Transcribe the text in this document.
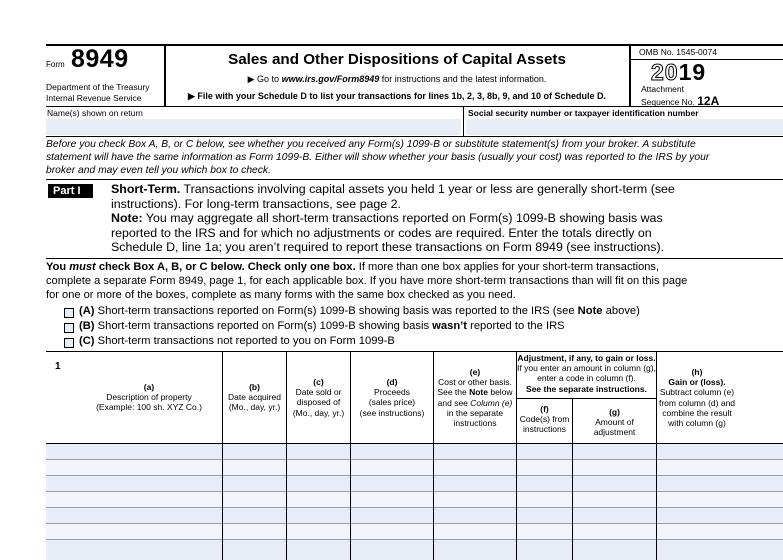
Form 8949
Department of the Treasury
Internal Revenue Service
Sales and Other Dispositions of Capital Assets
▶ Go to www.irs.gov/Form8949 for instructions and the latest information.
▶ File with your Schedule D to list your transactions for lines 1b, 2, 3, 8b, 9, and 10 of Schedule D.
OMB No. 1545-0074
2019
Attachment
Sequence No. 12A
Name(s) shown on return	Social security number or taxpayer identification number
Before you check Box A, B, or C below, see whether you received any Form(s) 1099-B or substitute statement(s) from your broker. A substitute
statement will have the same information as Form 1099-B. Either will show whether your basis (usually your cost) was reported to the IRS by your
broker and may even tell you which box to check.
Part I	Short-Term. Transactions involving capital assets you held 1 year or less are generally short-term (see
instructions). For long-term transactions, see page 2.
Note: You may aggregate all short-term transactions reported on Form(s) 1099-B showing basis was
reported to the IRS and for which no adjustments or codes are required. Enter the totals directly on
Schedule D, line 1a; you aren’t required to report these transactions on Form 8949 (see instructions).
You must check Box A, B, or C below. Check only one box. If more than one box applies for your short-term transactions,
complete a separate Form 8949, page 1, for each applicable box. If you have more short-term transactions than will fit on this page
for one or more of the boxes, complete as many forms with the same box checked as you need.
(A) Short-term transactions reported on Form(s) 1099-B showing basis was reported to the IRS (see Note above)
(B) Short-term transactions reported on Form(s) 1099-B showing basis wasn’t reported to the IRS
(C) Short-term transactions not reported to you on Form 1099-B
1
(a)
Description of property
(Example: 100 sh. XYZ Co.)
(b)
Date acquired
(Mo., day, yr.)
(c)
Date sold or
disposed of
(Mo., day, yr.)
(d)
Proceeds
(sales price)
(see instructions)
(e)
Cost or other basis.
See the Note below
and see Column (e)
in the separate
instructions
Adjustment, if any, to gain or loss.
If you enter an amount in column (g),
enter a code in column (f).
See the separate instructions.
(f)
Code(s) from
instructions
(g)
Amount of
adjustment
(h)
Gain or (loss).
Subtract column (e)
from column (d) and
combine the result
with column (g)
